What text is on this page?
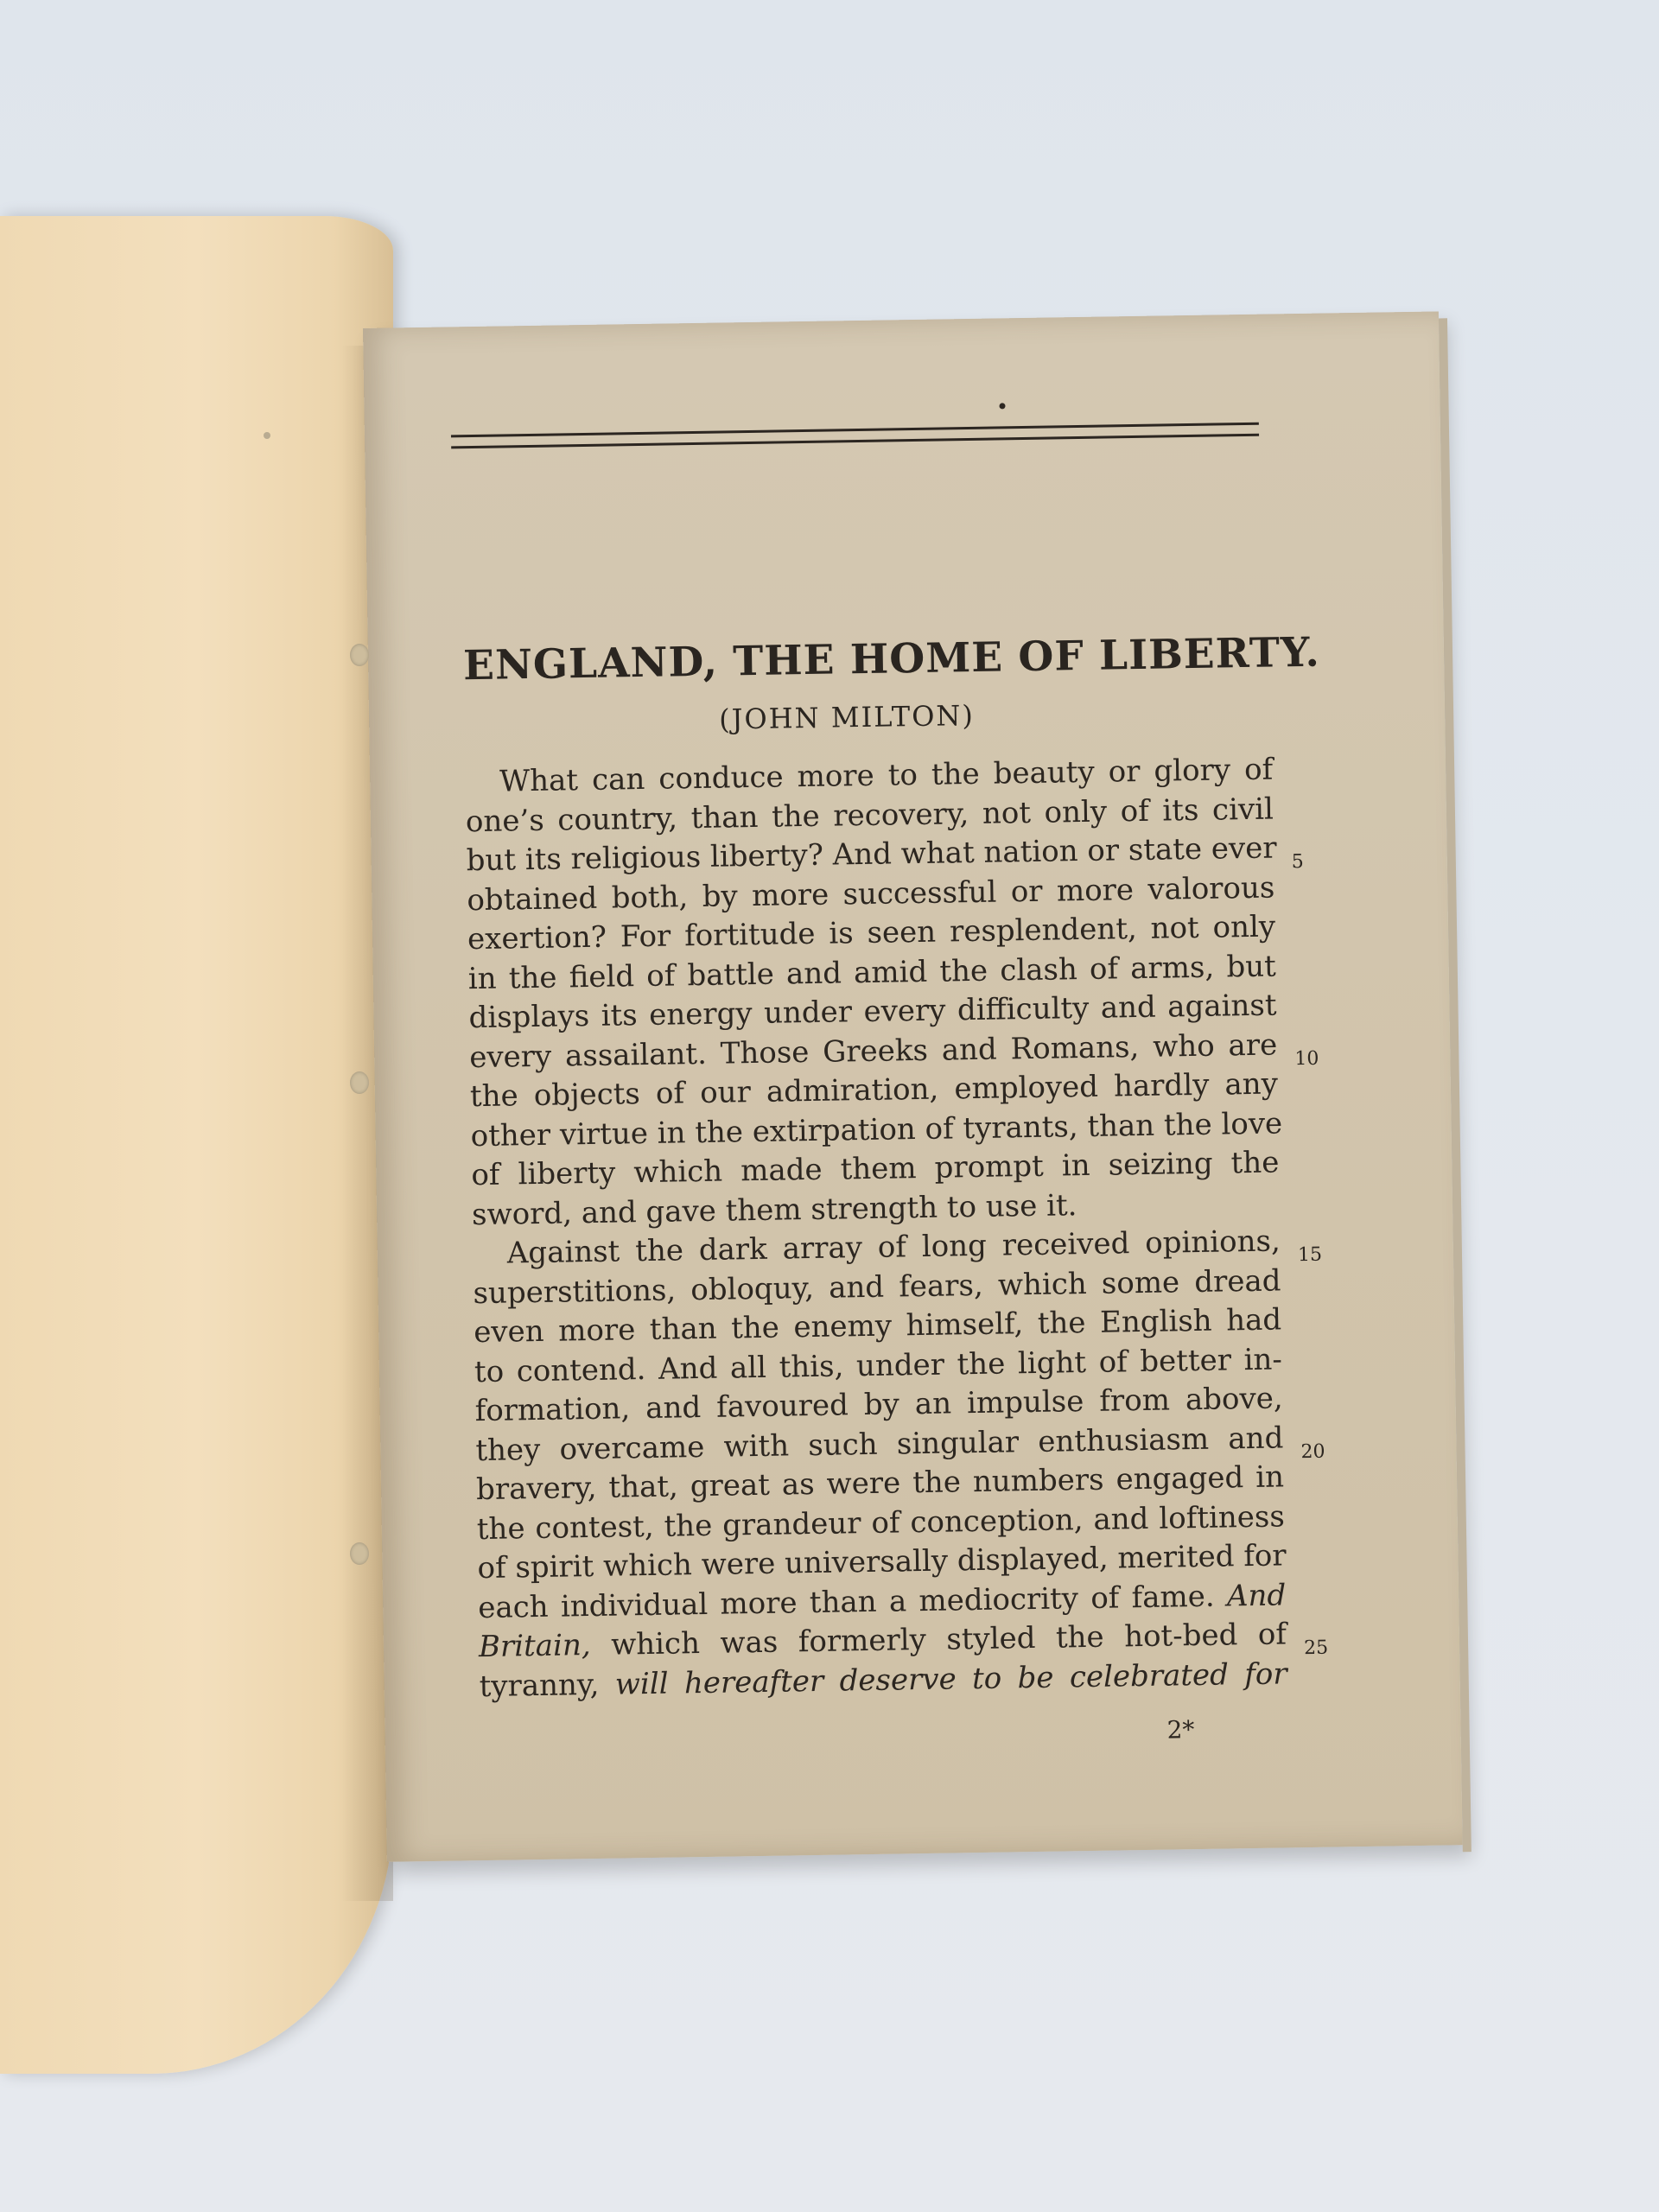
ENGLAND, THE HOME OF LIBERTY.
(JOHN MILTON)
What can conduce more to the beauty or glory of
one’s country, than the recovery, not only of its civil
but its religious liberty? And what nation or state ever
obtained both, by more successful or more valorous
exertion? For fortitude is seen resplendent, not only
in the field of battle and amid the clash of arms, but
displays its energy under every difficulty and against
every assailant. Those Greeks and Romans, who are
the objects of our admiration, employed hardly any
other virtue in the extirpation of tyrants, than the love
of liberty which made them prompt in seizing the
sword, and gave them strength to use it.
Against the dark array of long received opinions,
superstitions, obloquy, and fears, which some dread
even more than the enemy himself, the English had
to contend. And all this, under the light of better in-
formation, and favoured by an impulse from above,
they overcame with such singular enthusiasm and
bravery, that, great as were the numbers engaged in
the contest, the grandeur of conception, and loftiness
of spirit which were universally displayed, merited for
each individual more than a mediocrity of fame. And
Britain, which was formerly styled the hot-bed of
tyranny, will hereafter deserve to be celebrated for
5
10
15
20
25
2*
